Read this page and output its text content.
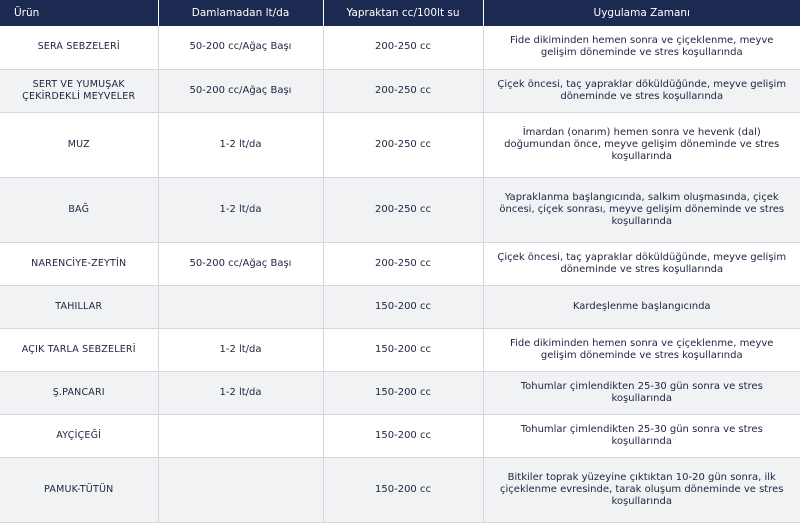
Ürün	Damlamadan lt/da	Yapraktan cc/100lt su	Uygulama Zamanı
SERA SEBZELERİ	50-200 cc/Ağaç Başı	200-250 cc	Fide dikiminden hemen sonra ve çiçeklenme, meyve gelişim döneminde ve stres koşullarında
SERT VE YUMUŞAK ÇEKİRDEKLİ MEYVELER	50-200 cc/Ağaç Başı	200-250 cc	Çiçek öncesi, taç yapraklar döküldüğünde, meyve gelişim döneminde ve stres koşullarında
MUZ	1-2 lt/da	200-250 cc	İmardan (onarım) hemen sonra ve hevenk (dal) doğumundan önce, meyve gelişim döneminde ve stres koşullarında
BAĞ	1-2 lt/da	200-250 cc	Yapraklanma başlangıcında, salkım oluşmasında, çiçek öncesi, çiçek sonrası, meyve gelişim döneminde ve stres koşullarında
NARENCİYE-ZEYTİN	50-200 cc/Ağaç Başı	200-250 cc	Çiçek öncesi, taç yapraklar döküldüğünde, meyve gelişim döneminde ve stres koşullarında
TAHILLAR		150-200 cc	Kardeşlenme başlangıcında
AÇIK TARLA SEBZELERİ	1-2 lt/da	150-200 cc	Fide dikiminden hemen sonra ve çiçeklenme, meyve gelişim döneminde ve stres koşullarında
Ş.PANCARI	1-2 lt/da	150-200 cc	Tohumlar çimlendikten 25-30 gün sonra ve stres koşullarında
AYÇİÇEĞİ		150-200 cc	Tohumlar çimlendikten 25-30 gün sonra ve stres koşullarında
PAMUK-TÜTÜN		150-200 cc	Bitkiler toprak yüzeyine çıktıktan 10-20 gün sonra, ilk çiçeklenme evresinde, tarak oluşum döneminde ve stres koşullarında
